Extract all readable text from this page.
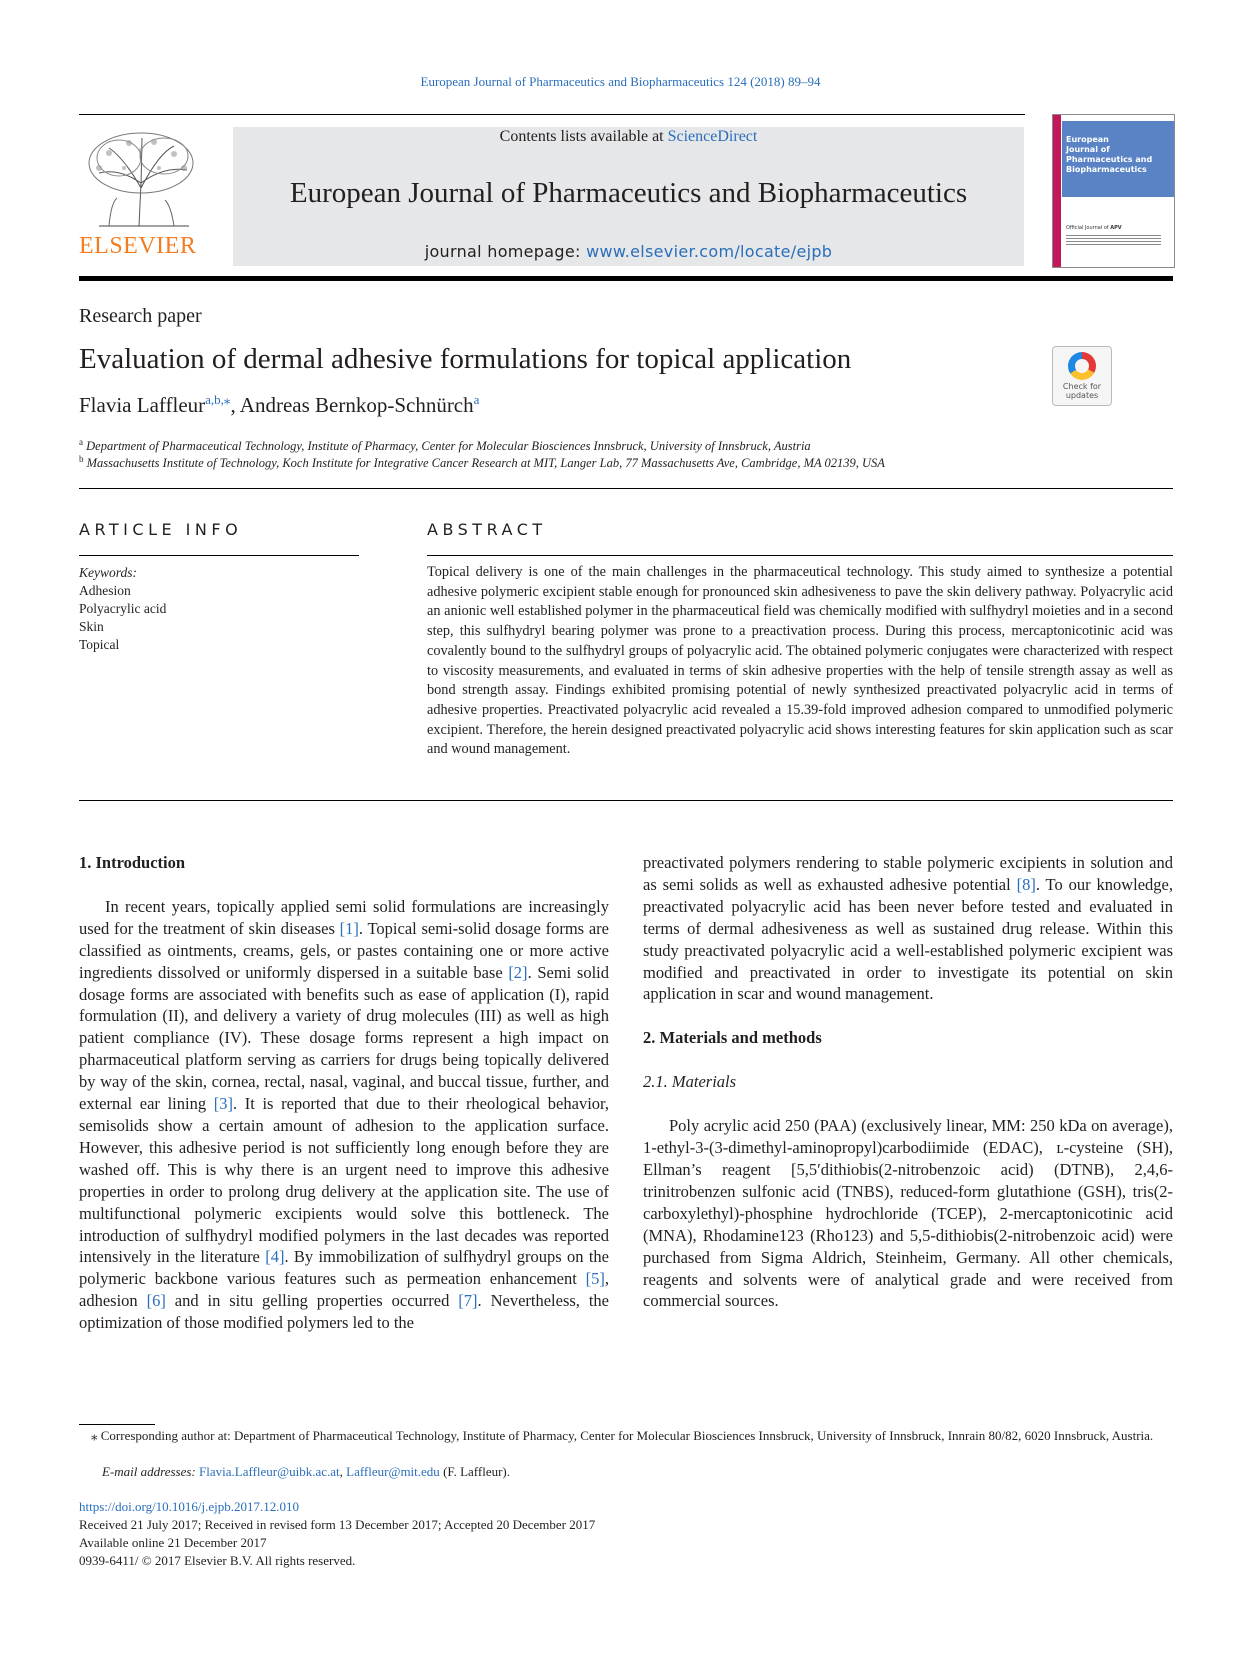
European Journal of Pharmaceutics and Biopharmaceutics 124 (2018) 89–94
ELSEVIER
Contents lists available at ScienceDirect
European Journal of Pharmaceutics and Biopharmaceutics
journal homepage: www.elsevier.com/locate/ejpb
European
Journal of
Pharmaceutics and
Biopharmaceutics
Official Journal of APV
Research paper
Evaluation of dermal adhesive formulations for topical application
Check for updates
Flavia Laffleur$^{a,b,⁎}$, Andreas Bernkop-Schnürch$^a$
$^a$ Department of Pharmaceutical Technology, Institute of Pharmacy, Center for Molecular Biosciences Innsbruck, University of Innsbruck, Austria
$^b$ Massachusetts Institute of Technology, Koch Institute for Integrative Cancer Research at MIT, Langer Lab, 77 Massachusetts Ave, Cambridge, MA 02139, USA
ARTICLE INFO	ABSTRACT
Keywords:
Adhesion
Polyacrylic acid
Skin
Topical
Topical delivery is one of the main challenges in the pharmaceutical technology. This study aimed to synthesize a potential adhesive polymeric excipient stable enough for pronounced skin adhesiveness to pave the skin delivery pathway. Polyacrylic acid an anionic well established polymer in the pharmaceutical field was chemically modified with sulfhydryl moieties and in a second step, this sulfhydryl bearing polymer was prone to a preactivation process. During this process, mercaptonicotinic acid was covalently bound to the sulfhydryl groups of polyacrylic acid. The obtained polymeric conjugates were characterized with respect to viscosity measurements, and evaluated in terms of skin adhesive properties with the help of tensile strength assay as well as bond strength assay. Findings exhibited promising potential of newly synthesized preactivated polyacrylic acid in terms of adhesive properties. Preactivated polyacrylic acid revealed a 15.39-fold improved adhesion compared to unmodified polymeric excipient. Therefore, the herein designed preactivated polyacrylic acid shows interesting features for skin application such as scar and wound management.
1. Introduction

In recent years, topically applied semi solid formulations are increasingly used for the treatment of skin diseases [1]. Topical semi-solid dosage forms are classified as ointments, creams, gels, or pastes containing one or more active ingredients dissolved or uniformly dispersed in a suitable base [2]. Semi solid dosage forms are associated with benefits such as ease of application (I), rapid formulation (II), and delivery a variety of drug molecules (III) as well as high patient compliance (IV). These dosage forms represent a high impact on pharmaceutical platform serving as carriers for drugs being topically delivered by way of the skin, cornea, rectal, nasal, vaginal, and buccal tissue, further, and external ear lining [3]. It is reported that due to their rheological behavior, semisolids show a certain amount of adhesion to the application surface. However, this adhesive period is not sufficiently long enough before they are washed off. This is why there is an urgent need to improve this adhesive properties in order to prolong drug delivery at the application site. The use of multifunctional polymeric excipients would solve this bottleneck. The introduction of sulfhydryl modified polymers in the last decades was reported intensively in the literature [4]. By immobilization of sulfhydryl groups on the polymeric backbone various features such as permeation enhancement [5], adhesion [6] and in situ gelling properties occurred [7]. Nevertheless, the optimization of those modified polymers led to the

preactivated polymers rendering to stable polymeric excipients in solution and as semi solids as well as exhausted adhesive potential [8]. To our knowledge, preactivated polyacrylic acid has been never before tested and evaluated in terms of dermal adhesiveness as well as sustained drug release. Within this study preactivated polyacrylic acid a well-established polymeric excipient was modified and preactivated in order to investigate its potential on skin application in scar and wound management.

2. Materials and methods
2.1. Materials

Poly acrylic acid 250 (PAA) (exclusively linear, MM: 250 kDa on average), 1-ethyl-3-(3-dimethyl-aminopropyl)carbodiimide (EDAC), ʟ-cysteine (SH), Ellman’s reagent [5,5′dithiobis(2-nitrobenzoic acid) (DTNB), 2,4,6-trinitrobenzen sulfonic acid (TNBS), reduced-form glutathione (GSH), tris(2-carboxylethyl)-phosphine hydrochloride (TCEP), 2-mercaptonicotinic acid (MNA), Rhodamine123 (Rho123) and 5,5-dithiobis(2-nitrobenzoic acid) were purchased from Sigma Aldrich, Steinheim, Germany. All other chemicals, reagents and solvents were of analytical grade and were received from commercial sources.

⁎ Corresponding author at: Department of Pharmaceutical Technology, Institute of Pharmacy, Center for Molecular Biosciences Innsbruck, University of Innsbruck, Innrain 80/82, 6020 Innsbruck, Austria.
E-mail addresses: Flavia.Laffleur@uibk.ac.at, Laffleur@mit.edu (F. Laffleur).
https://doi.org/10.1016/j.ejpb.2017.12.010
Received 21 July 2017; Received in revised form 13 December 2017; Accepted 20 December 2017
Available online 21 December 2017
0939-6411/ © 2017 Elsevier B.V. All rights reserved.
